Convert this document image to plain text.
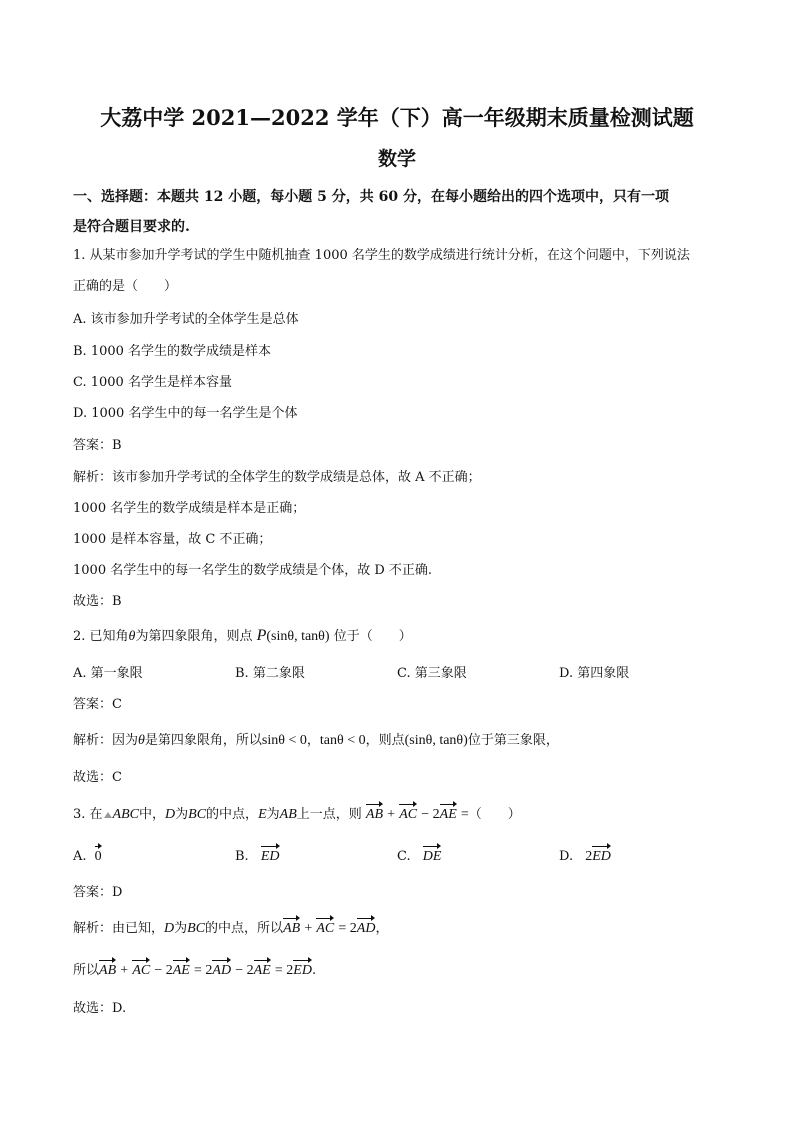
大荔中学 2021—2022 学年（下）高一年级期末质量检测试题
数学
一、选择题：本题共 12 小题，每小题 5 分，共 60 分，在每小题给出的四个选项中，只有一项
是符合题目要求的.
1. 从某市参加升学考试的学生中随机抽查 1000 名学生的数学成绩进行统计分析，在这个问题中，下列说法
正确的是（　　）
A. 该市参加升学考试的全体学生是总体
B. 1000 名学生的数学成绩是样本
C. 1000 名学生是样本容量
D. 1000 名学生中的每一名学生是个体
答案：B
解析：该市参加升学考试的全体学生的数学成绩是总体，故 A 不正确；
1000 名学生的数学成绩是样本是正确；
1000 是样本容量，故 C 不正确；
1000 名学生中的每一名学生的数学成绩是个体，故 D 不正确.
故选：B
2. 已知角θ为第四象限角，则点 P(sinθ, tanθ) 位于（　　）
A. 第一象限	B. 第二象限	C. 第三象限	D. 第四象限
答案：C
解析：因为θ是第四象限角，所以sinθ < 0，tanθ < 0，则点(sinθ, tanθ)位于第三象限，
故选：C
3. 在 ABC中，D为BC的中点，E为AB上一点，则 AB + AC − 2AE =（　　）
A. 0	B. ED	C. DE	D. 2ED
答案：D
解析：由已知，D为BC的中点，所以AB + AC = 2AD，
所以AB + AC − 2AE = 2AD − 2AE = 2ED.
故选：D.
